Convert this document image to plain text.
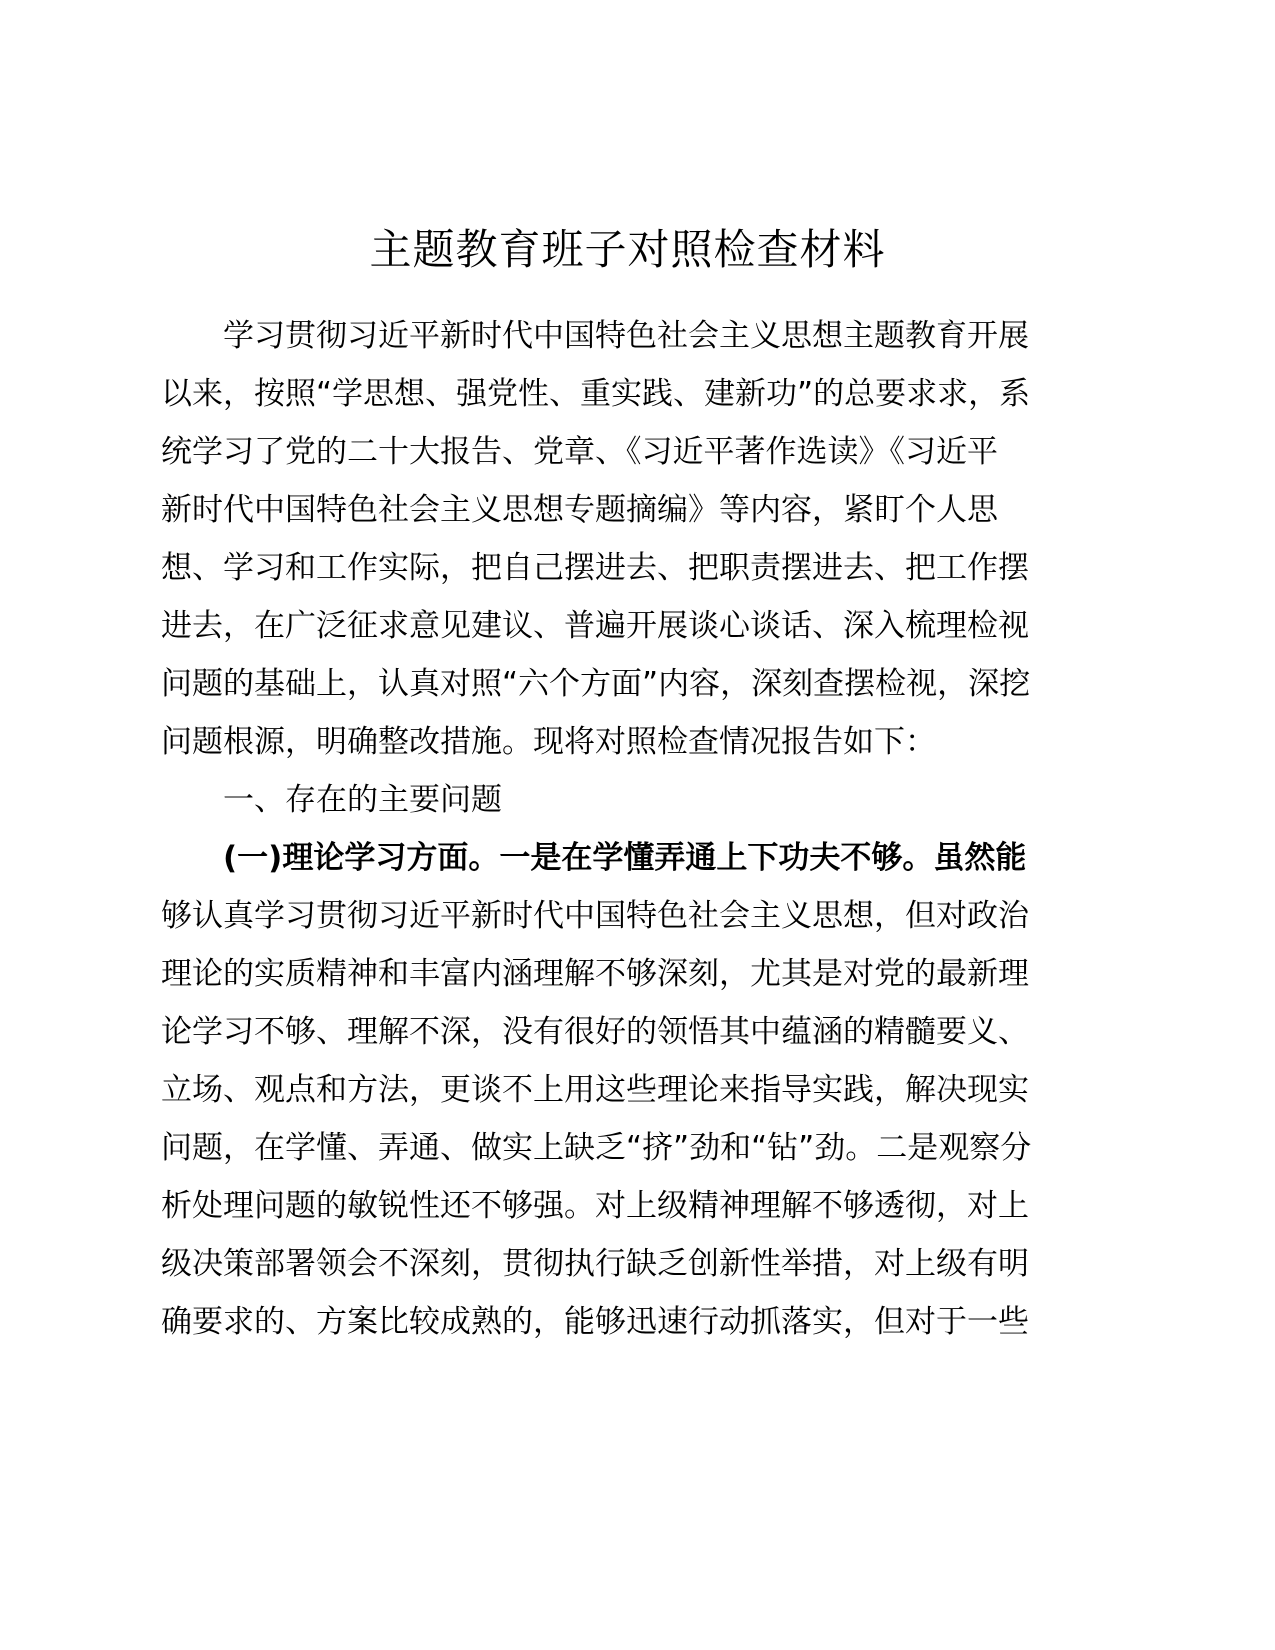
主题教育班子对照检查材料
学习贯彻习近平新时代中国特色社会主义思想主题教育开展
以来，按照“学思想、强党性、重实践、建新功”的总要求求，系
统学习了党的二十大报告、党章、《习近平著作选读》《习近平
新时代中国特色社会主义思想专题摘编》等内容，紧盯个人思
想、学习和工作实际，把自己摆进去、把职责摆进去、把工作摆
进去，在广泛征求意见建议、普遍开展谈心谈话、深入梳理检视
问题的基础上，认真对照“六个方面”内容，深刻查摆检视，深挖
问题根源，明确整改措施。现将对照检查情况报告如下：
一、存在的主要问题
(一)理论学习方面。一是在学懂弄通上下功夫不够。虽然能
够认真学习贯彻习近平新时代中国特色社会主义思想，但对政治
理论的实质精神和丰富内涵理解不够深刻，尤其是对党的最新理
论学习不够、理解不深，没有很好的领悟其中蕴涵的精髓要义、
立场、观点和方法，更谈不上用这些理论来指导实践，解决现实
问题，在学懂、弄通、做实上缺乏“挤”劲和“钻”劲。二是观察分
析处理问题的敏锐性还不够强。对上级精神理解不够透彻，对上
级决策部署领会不深刻，贯彻执行缺乏创新性举措，对上级有明
确要求的、方案比较成熟的，能够迅速行动抓落实，但对于一些
